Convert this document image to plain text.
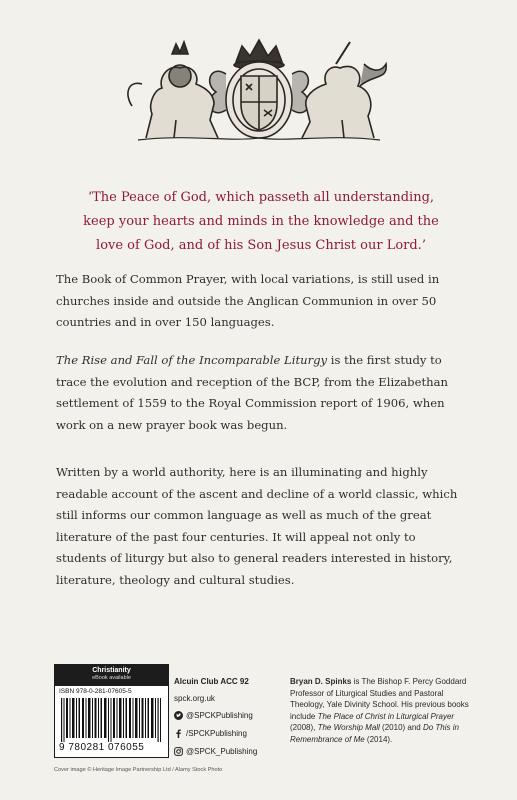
‘The Peace of God, which passeth all understanding,
keep your hearts and minds in the knowledge and the
love of God, and of his Son Jesus Christ our Lord.’

The Book of Common Prayer, with local variations, is still used in churches inside and outside the Anglican Communion in over 50 countries and in over 150 languages.

The Rise and Fall of the Incomparable Liturgy is the first study to trace the evolution and reception of the BCP, from the Elizabethan settlement of 1559 to the Royal Commission report of 1906, when work on a new prayer book was begun.

Written by a world authority, here is an illuminating and highly readable account of the ascent and decline of a world classic, which still informs our common language as well as much of the great literature of the past four centuries. It will appeal not only to students of liturgy but also to general readers interested in history, literature, theology and cultural studies.

Christianity
eBook available
ISBN 978-0-281-07605-5
9 780281 076055
Alcuin Club ACC 92
spck.org.uk
@SPCKPublishing
/SPCKPublishing
@SPCK_Publishing

Bryan D. Spinks is The Bishop F. Percy Goddard Professor of Liturgical Studies and Pastoral Theology, Yale Divinity School. His previous books include The Place of Christ in Liturgical Prayer (2008), The Worship Mall (2010) and Do This in Remembrance of Me (2014).

Cover image © Heritage Image Partnership Ltd / Alamy Stock Photo
